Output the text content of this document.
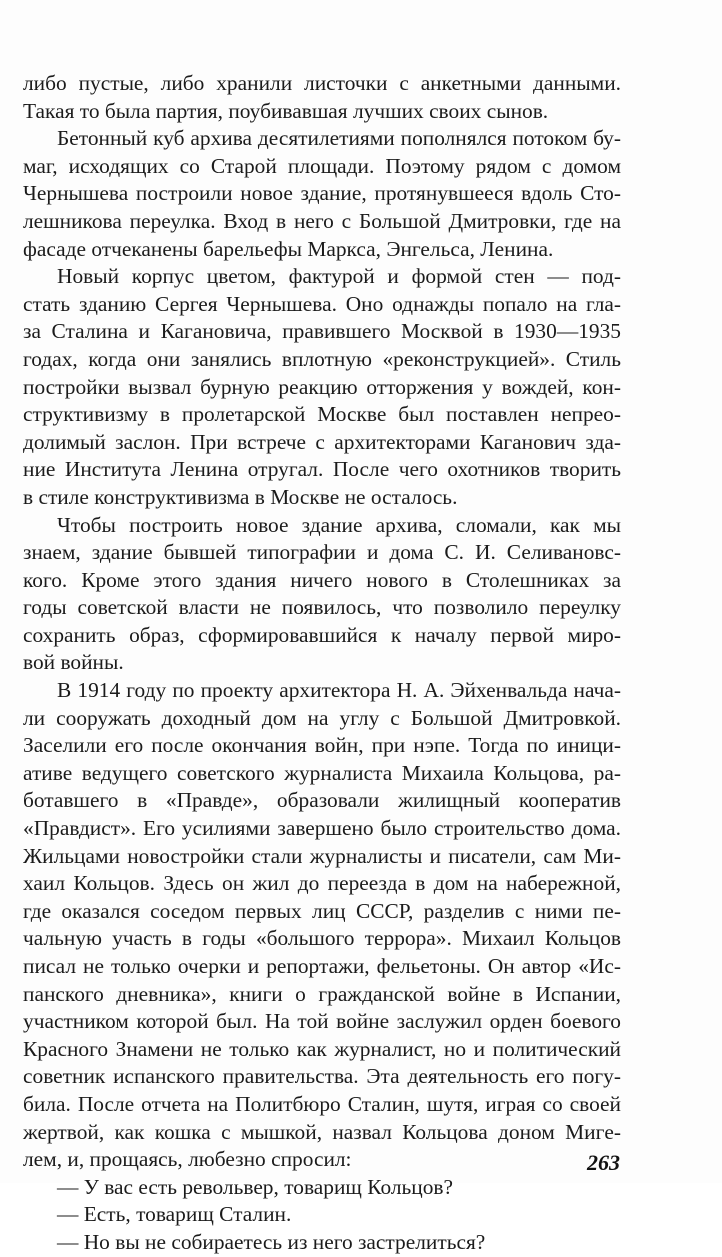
либо пустые, либо хранили листочки с анкетными данными.
Такая то была партия, поубивавшая лучших своих сынов.
Бетонный куб архива десятилетиями пополнялся потоком бу-
маг, исходящих со Старой площади. Поэтому рядом с домом
Чернышева построили новое здание, протянувшееся вдоль Сто-
лешникова переулка. Вход в него с Большой Дмитровки, где на
фасаде отчеканены барельефы Маркса, Энгельса, Ленина.
Новый корпус цветом, фактурой и формой стен — под-
стать зданию Сергея Чернышева. Оно однажды попало на гла-
за Сталина и Кагановича, правившего Москвой в 1930—1935
годах, когда они занялись вплотную «реконструкцией». Стиль
постройки вызвал бурную реакцию отторжения у вождей, кон-
структивизму в пролетарской Москве был поставлен непрео-
долимый заслон. При встрече с архитекторами Каганович зда-
ние Института Ленина отругал. После чего охотников творить
в стиле конструктивизма в Москве не осталось.
Чтобы построить новое здание архива, сломали, как мы
знаем, здание бывшей типографии и дома С. И. Селивановс-
кого. Кроме этого здания ничего нового в Столешниках за
годы советской власти не появилось, что позволило переулку
сохранить образ, сформировавшийся к началу первой миро-
вой войны.
В 1914 году по проекту архитектора Н. А. Эйхенвальда нача-
ли сооружать доходный дом на углу с Большой Дмитровкой.
Заселили его после окончания войн, при нэпе. Тогда по иници-
ативе ведущего советского журналиста Михаила Кольцова, ра-
ботавшего в «Правде», образовали жилищный кооператив
«Правдист». Его усилиями завершено было строительство дома.
Жильцами новостройки стали журналисты и писатели, сам Ми-
хаил Кольцов. Здесь он жил до переезда в дом на набережной,
где оказался соседом первых лиц СССР, разделив с ними пе-
чальную участь в годы «большого террора». Михаил Кольцов
писал не только очерки и репортажи, фельетоны. Он автор «Ис-
панского дневника», книги о гражданской войне в Испании,
участником которой был. На той войне заслужил орден боевого
Красного Знамени не только как журналист, но и политический
советник испанского правительства. Эта деятельность его погу-
била. После отчета на Политбюро Сталин, шутя, играя со своей
жертвой, как кошка с мышкой, назвал Кольцова доном Мигe-
лем, и, прощаясь, любезно спросил:
— У вас есть револьвер, товарищ Кольцов?
— Есть, товарищ Сталин.
— Но вы не собираетесь из него застрелиться?
263
